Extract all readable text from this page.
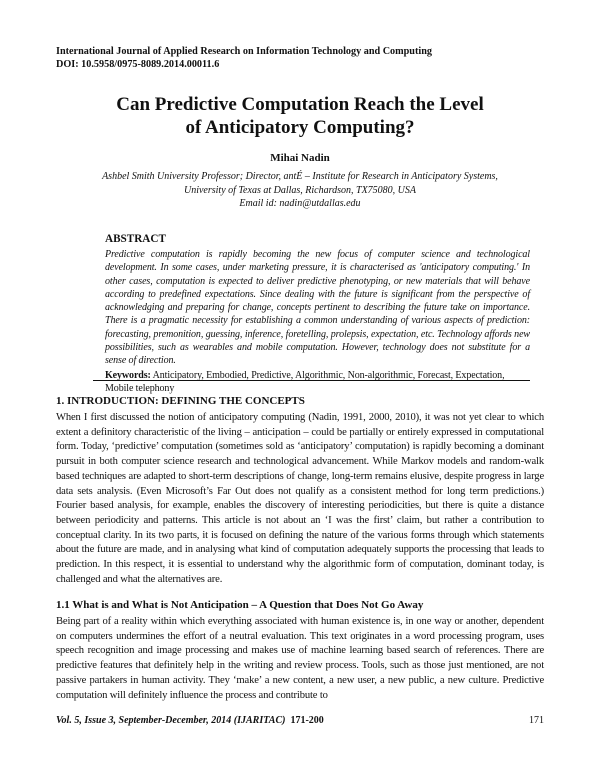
International Journal of Applied Research on Information Technology and Computing
DOI: 10.5958/0975-8089.2014.00011.6
Can Predictive Computation Reach the Level
of Anticipatory Computing?
Mihai Nadin
Ashbel Smith University Professor; Director, antÉ – Institute for Research in Anticipatory Systems,
University of Texas at Dallas, Richardson, TX75080, USA
Email id: nadin@utdallas.edu
ABSTRACT
Predictive computation is rapidly becoming the new focus of computer science and technological development. In some cases, under marketing pressure, it is characterised as 'anticipatory computing.' In other cases, computation is expected to deliver predictive phenotyping, or new materials that will behave according to predefined expectations. Since dealing with the future is significant from the perspective of acknowledging and preparing for change, concepts pertinent to describing the future take on importance. There is a pragmatic necessity for establishing a common understanding of various aspects of prediction: forecasting, premonition, guessing, inference, foretelling, prolepsis, expectation, etc. Technology affords new possibilities, such as wearables and mobile computation. However, technology does not substitute for a sense of direction.
Keywords: Anticipatory, Embodied, Predictive, Algorithmic, Non-algorithmic, Forecast, Expectation, Mobile telephony
1. INTRODUCTION: DEFINING THE CONCEPTS
When I first discussed the notion of anticipatory computing (Nadin, 1991, 2000, 2010), it was not yet clear to which extent a definitory characteristic of the living – anticipation – could be partially or entirely expressed in computational form. Today, ‘predictive’ computation (sometimes sold as ‘anticipatory’ computation) is rapidly becoming a dominant pursuit in both computer science research and technological advancement. While Markov models and random-walk based techniques are adapted to short-term descriptions of change, long-term remains elusive, despite progress in large data sets analysis. (Even Microsoft’s Far Out does not qualify as a consistent method for long term predictions.) Fourier based analysis, for example, enables the discovery of interesting periodicities, but there is quite a distance between periodicity and patterns. This article is not about an ‘I was the first’ claim, but rather a contribution to conceptual clarity. In its two parts, it is focused on defining the nature of the various forms through which statements about the future are made, and in analysing what kind of computation adequately supports the processing that leads to prediction. In this respect, it is essential to understand why the algorithmic form of computation, dominant today, is challenged and what the alternatives are.
1.1 What is and What is Not Anticipation – A Question that Does Not Go Away
Being part of a reality within which everything associated with human existence is, in one way or another, dependent on computers undermines the effort of a neutral evaluation. This text originates in a word processing program, uses speech recognition and image processing and makes use of machine learning based search of references. There are predictive features that definitely help in the writing and review process. Tools, such as those just mentioned, are not passive partakers in human activity. They ‘make’ a new content, a new user, a new public, a new culture. Predictive computation will definitely influence the process and contribute to
Vol. 5, Issue 3, September-December, 2014 (IJARITAC) 171-200	171
